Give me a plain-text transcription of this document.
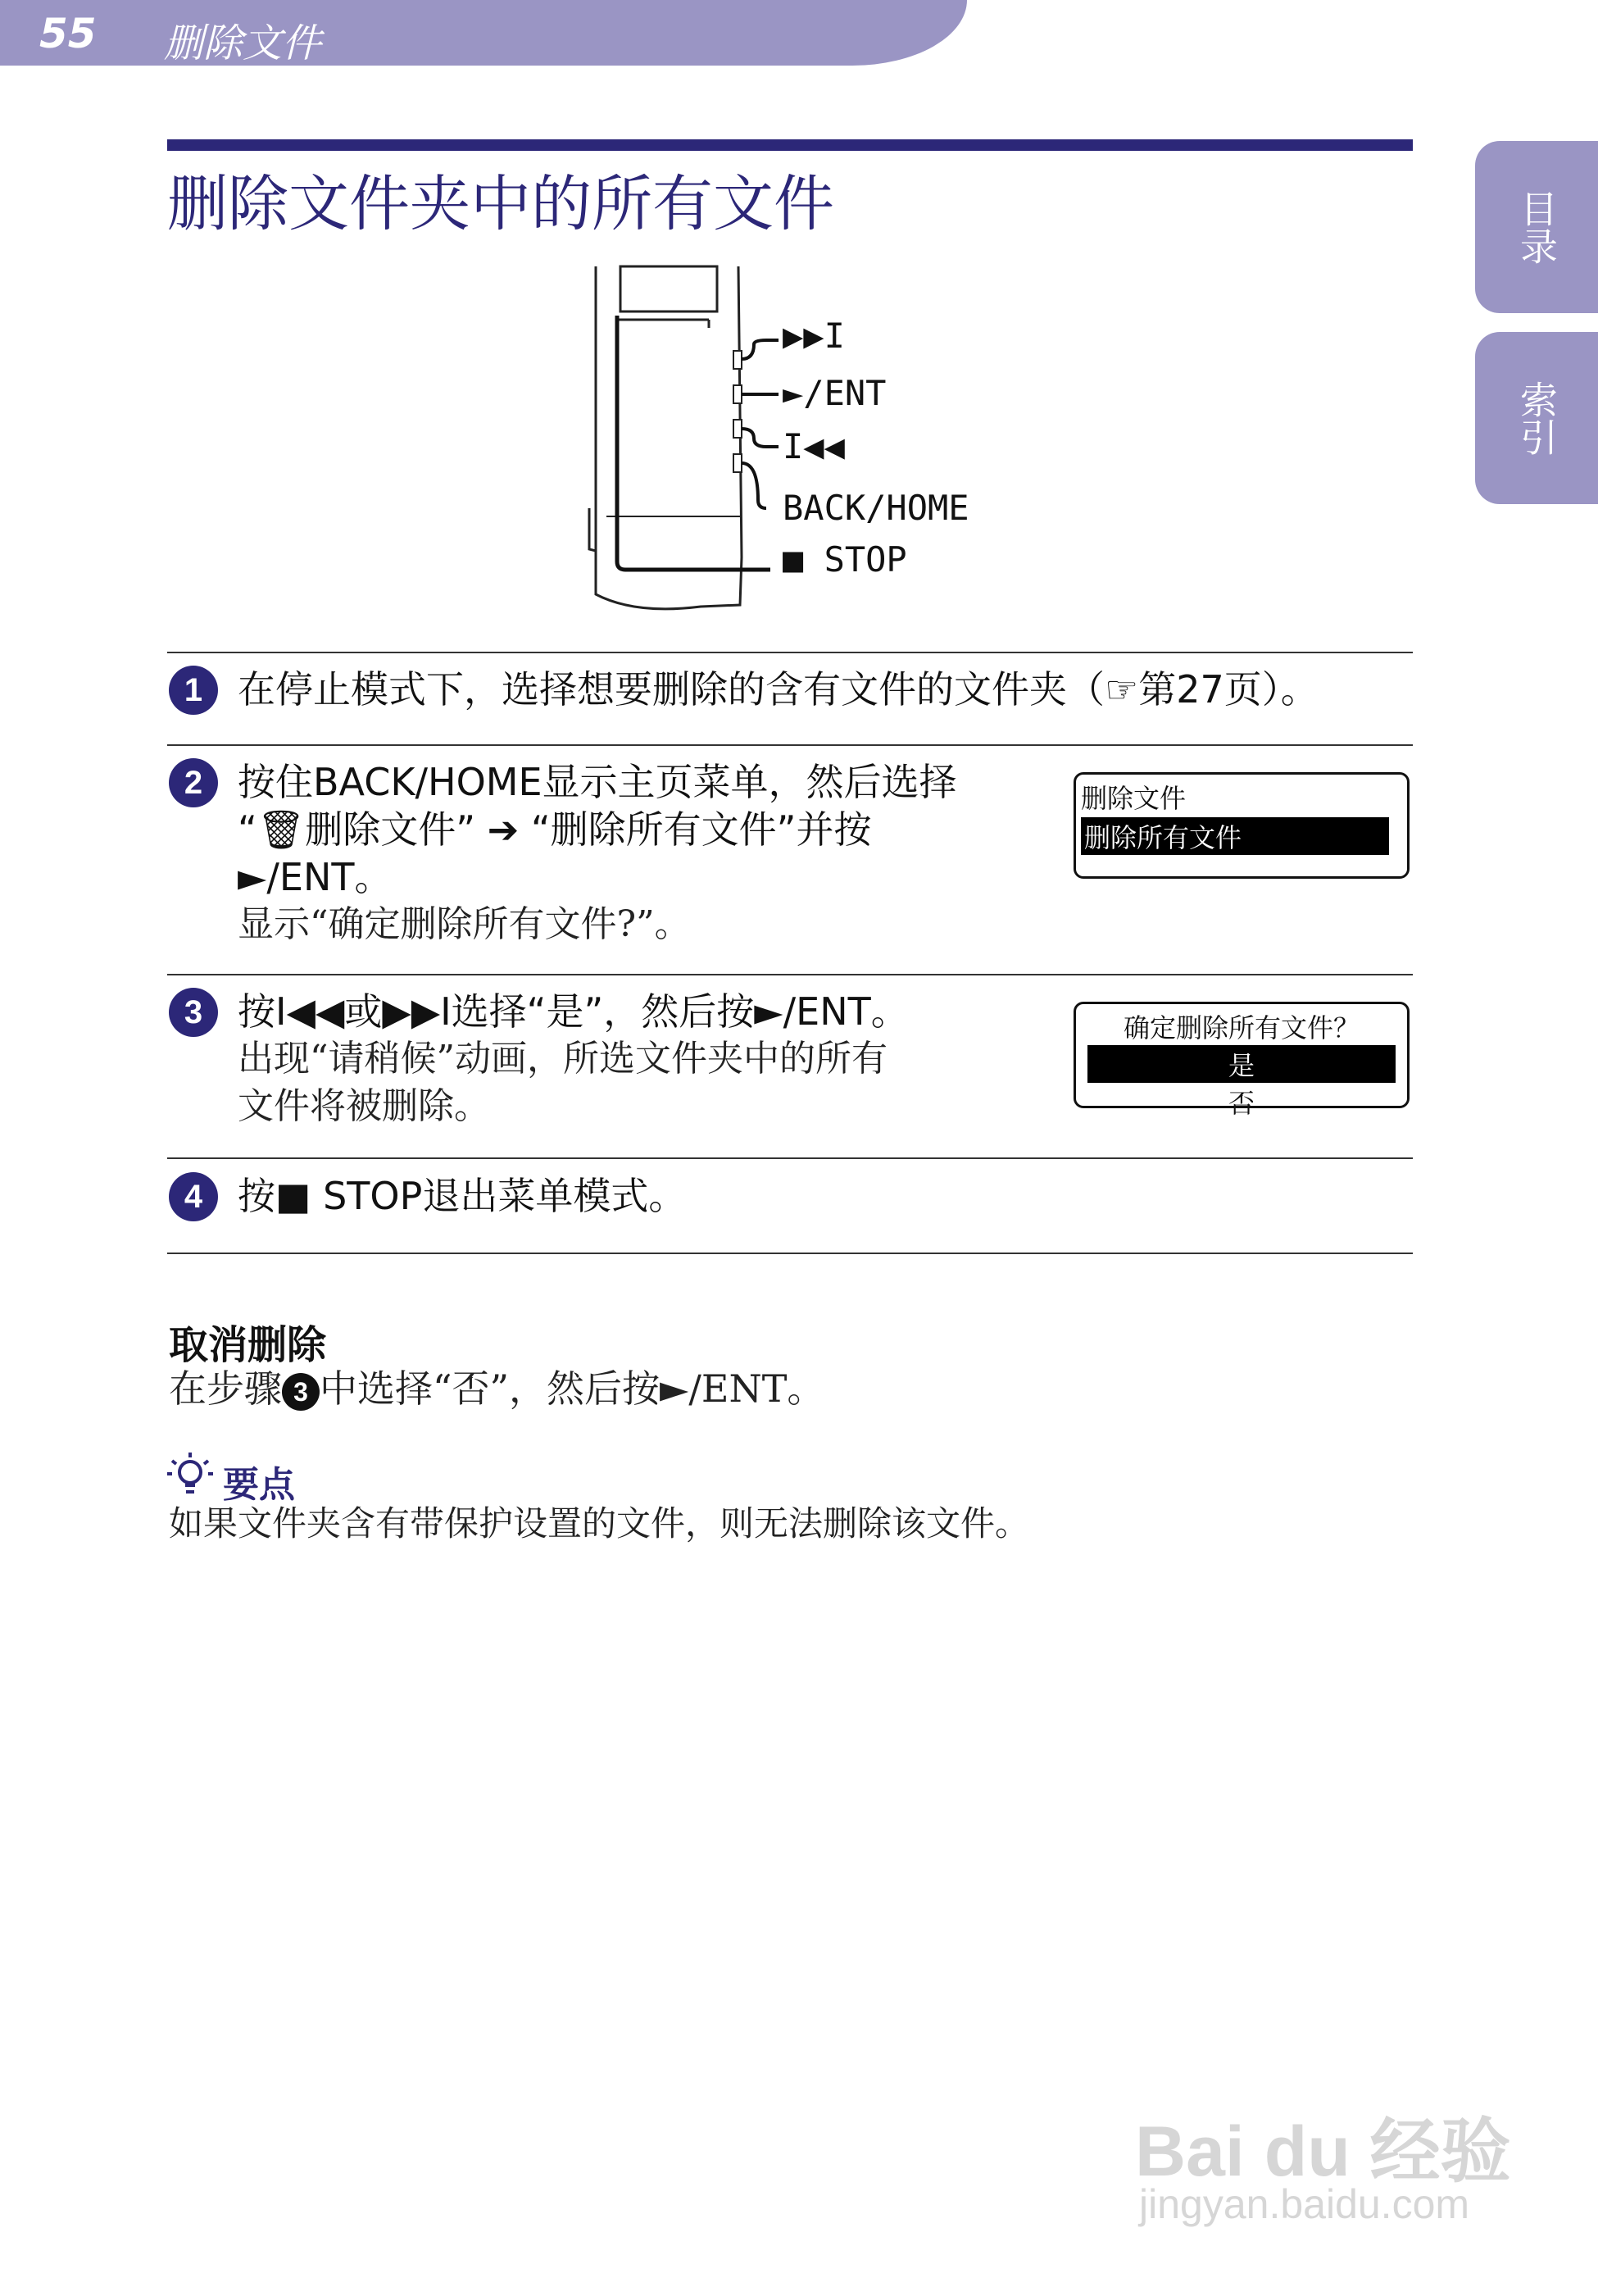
55 删除文件
目录
索引
删除文件夹中的所有文件
▶▶I
►/ENT
I◀◀
BACK/HOME
■ STOP
1 在停止模式下，选择想要删除的含有文件的文件夹（☞第27页）。
2 按住BACK/HOME显示主页菜单，然后选择
“🗑删除文件” ➔ “删除所有文件”并按
►/ENT。
显示“确定删除所有文件?”。
删除文件
删除所有文件
3 按I◀◀或▶▶I选择“是”，然后按►/ENT。
出现“请稍候”动画，所选文件夹中的所有
文件将被删除。
确定删除所有文件？
是
否
4 按■ STOP退出菜单模式。
取消删除
在步骤 3 中选择“否”，然后按►/ENT。
要点
如果文件夹含有带保护设置的文件，则无法删除该文件。
Bai du 经验
jingyan.baidu.com
